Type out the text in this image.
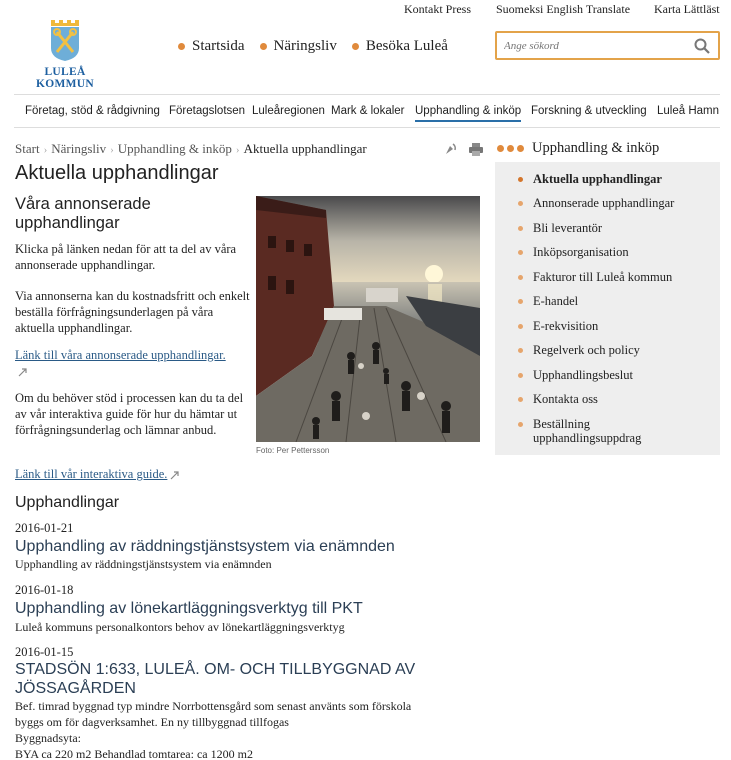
Kontakt Press Suomeksi English Translate Karta Lättläst
LULEÅ KOMMUN
Startsida Näringsliv Besöka Luleå
Ange sökord
Företag, stöd & rådgivning Företagslotsen Luleåregionen Mark & lokaler Upphandling & inköp Forskning & utveckling Luleå Hamn
Start › Näringsliv › Upphandling & inköp › Aktuella upphandlingar
Aktuella upphandlingar
Våra annonserade upphandlingar

Klicka på länken nedan för att ta del av våra annonserade upphandlingar.

Via annonserna kan du kostnadsfritt och enkelt beställa förfrågningsunderlagen på våra aktuella upphandlingar.

Länk till våra annonserade upphandlingar.

Om du behöver stöd i processen kan du ta del av vår interaktiva guide för hur du hämtar ut förfrågningsunderlag och lämnar anbud.

Länk till vår interaktiva guide.

Foto: Per Pettersson
Upphandlingar
2016-01-21
Upphandling av räddningstjänstsystem via enämnden
Upphandling av räddningstjänstsystem via enämnden
2016-01-18
Upphandling av lönekartläggningsverktyg till PKT
Luleå kommuns personalkontors behov av lönekartläggningsverktyg
2016-01-15
STADSÖN 1:633, LULEÅ. OM- OCH TILLBYGGNAD AV JÖSSAGÅRDEN
Bef. timrad byggnad typ mindre Norrbottensgård som senast använts som förskola byggs om för dagverksamhet. En ny tillbyggnad tillfogas
Byggnadsyta:
BYA ca 220 m2 Behandlad tomtarea: ca 1200 m2
Upphandling & inköp
Aktuella upphandlingar
Annonserade upphandlingar
Bli leverantör
Inköpsorganisation
Fakturor till Luleå kommun
E-handel
E-rekvisition
Regelverk och policy
Upphandlingsbeslut
Kontakta oss
Beställning upphandlingsuppdrag
